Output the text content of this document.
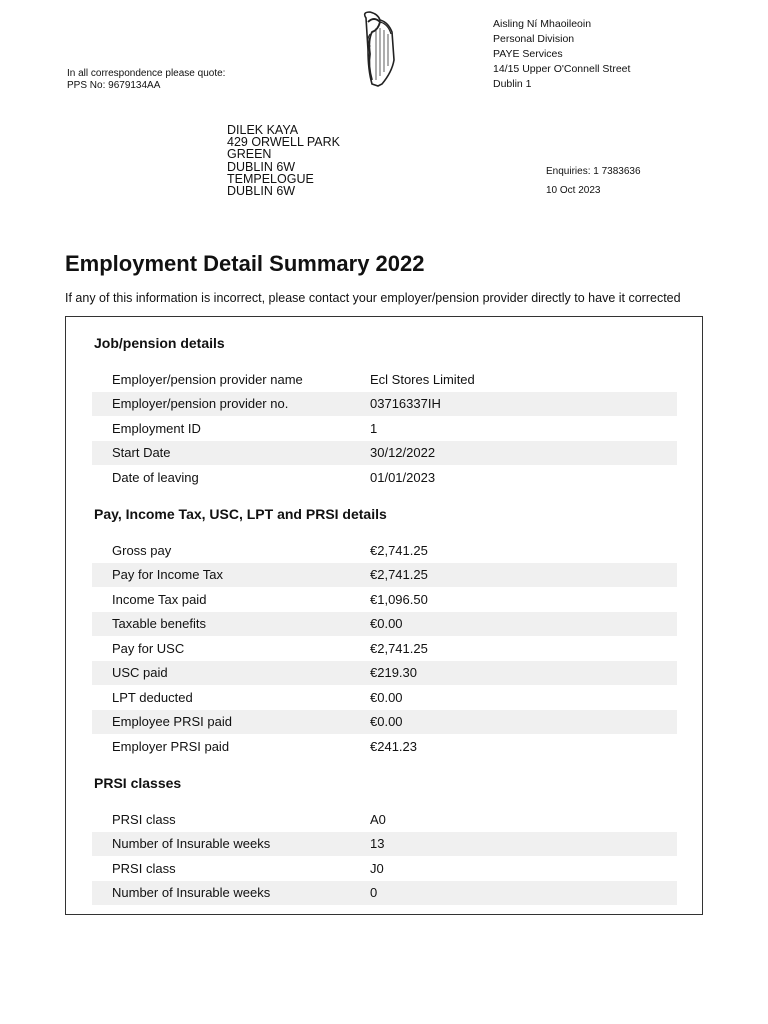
In all correspondence please quote:
PPS No: 9679134AA
Aisling Ní Mhaoileoin
Personal Division
PAYE Services
14/15 Upper O'Connell Street
Dublin 1
DILEK KAYA
429 ORWELL PARK
GREEN
DUBLIN 6W
TEMPELOGUE
DUBLIN 6W
Enquiries: 1 7383636
10 Oct 2023
Employment Detail Summary 2022
If any of this information is incorrect, please contact your employer/pension provider directly to have it corrected
Job/pension details
Employer/pension provider name	Ecl Stores Limited
Employer/pension provider no.	03716337IH
Employment ID	1
Start Date	30/12/2022
Date of leaving	01/01/2023
Pay, Income Tax, USC, LPT and PRSI details
Gross pay	€2,741.25
Pay for Income Tax	€2,741.25
Income Tax paid	€1,096.50
Taxable benefits	€0.00
Pay for USC	€2,741.25
USC paid	€219.30
LPT deducted	€0.00
Employee PRSI paid	€0.00
Employer PRSI paid	€241.23
PRSI classes
PRSI class	A0
Number of Insurable weeks	13
PRSI class	J0
Number of Insurable weeks	0
